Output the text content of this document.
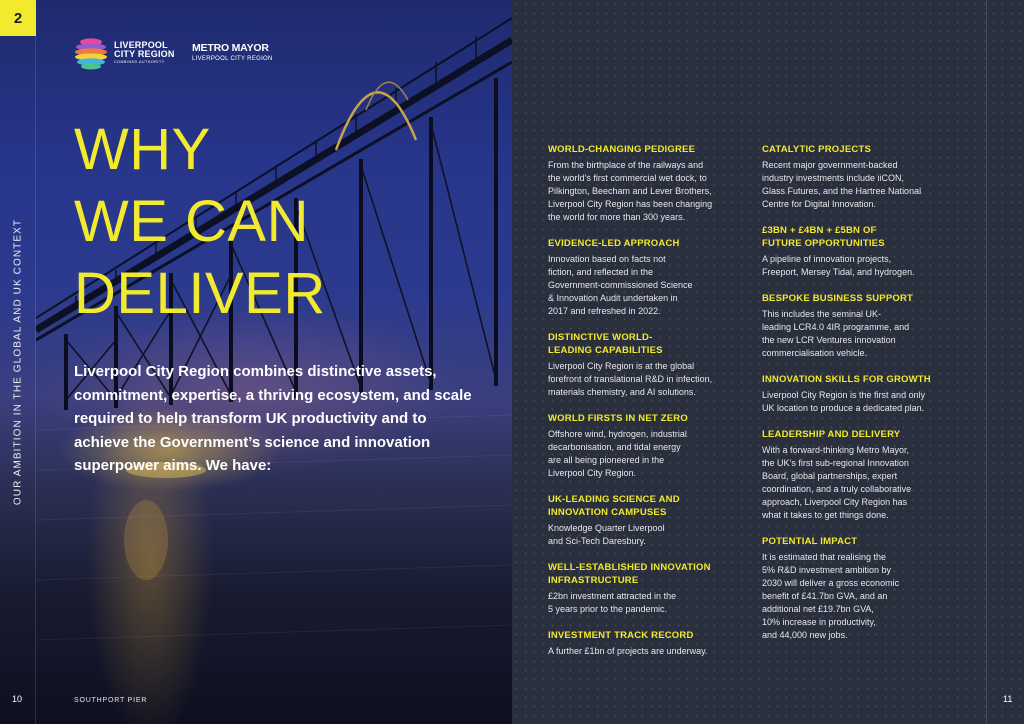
2
OUR AMBITION IN THE GLOBAL AND UK CONTEXT
LIVERPOOL
CITY REGION
COMBINED AUTHORITY
METRO MAYOR
LIVERPOOL CITY REGION
WHY
WE CAN
DELIVER

Liverpool City Region combines distinctive assets, commitment, expertise, a thriving ecosystem, and scale required to help transform UK productivity and to achieve the Government’s science and innovation superpower aims. We have:

10	SOUTHPORT PIER	11
WORLD-CHANGING PEDIGREE

From the birthplace of the railways and
the world’s first commercial wet dock, to
Pilkington, Beecham and Lever Brothers,
Liverpool City Region has been changing
the world for more than 300 years.

EVIDENCE-LED APPROACH

Innovation based on facts not
fiction, and reflected in the
Government-commissioned Science
& Innovation Audit undertaken in
2017 and refreshed in 2022.

DISTINCTIVE WORLD-
LEADING CAPABILITIES

Liverpool City Region is at the global
forefront of translational R&D in infection,
materials chemistry, and AI solutions.

WORLD FIRSTS IN NET ZERO

Offshore wind, hydrogen, industrial
decarbonisation, and tidal energy
are all being pioneered in the
Liverpool City Region.

UK-LEADING SCIENCE AND
INNOVATION CAMPUSES

Knowledge Quarter Liverpool
and Sci-Tech Daresbury.

WELL-ESTABLISHED INNOVATION
INFRASTRUCTURE

£2bn investment attracted in the
5 years prior to the pandemic.

INVESTMENT TRACK RECORD

A further £1bn of projects are underway.

CATALYTIC PROJECTS

Recent major government-backed
industry investments include iiCON,
Glass Futures, and the Hartree National
Centre for Digital Innovation.

£3BN + £4BN + £5BN OF
FUTURE OPPORTUNITIES

A pipeline of innovation projects,
Freeport, Mersey Tidal, and hydrogen.

BESPOKE BUSINESS SUPPORT

This includes the seminal UK-
leading LCR4.0 4IR programme, and
the new LCR Ventures innovation
commercialisation vehicle.

INNOVATION SKILLS FOR GROWTH

Liverpool City Region is the first and only
UK location to produce a dedicated plan.

LEADERSHIP AND DELIVERY

With a forward-thinking Metro Mayor,
the UK’s first sub-regional Innovation
Board, global partnerships, expert
coordination, and a truly collaborative
approach, Liverpool City Region has
what it takes to get things done.

POTENTIAL IMPACT

It is estimated that realising the
5% R&D investment ambition by
2030 will deliver a gross economic
benefit of £41.7bn GVA, and an
additional net £19.7bn GVA,
10% increase in productivity,
and 44,000 new jobs.
